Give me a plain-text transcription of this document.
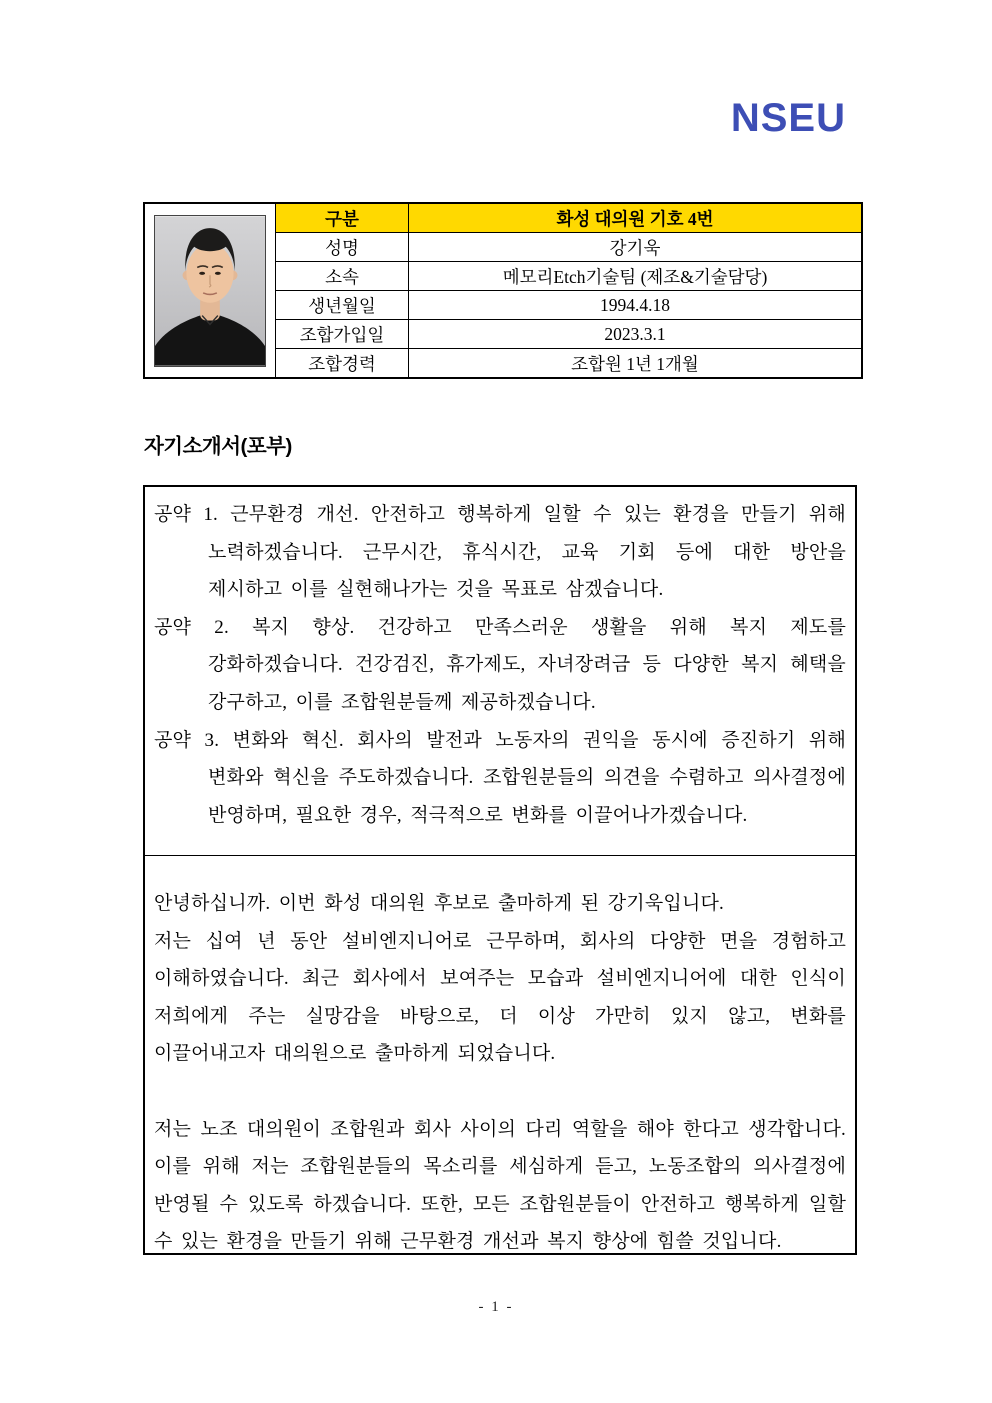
NSEU
	구분	화성 대의원 기호 4번
	성명	강기욱
	소속	메모리Etch기술팀 (제조&기술담당)
	생년월일	1994.4.18
	조합가입일	2023.3.1
	조합경력	조합원 1년 1개월
자기소개서(포부)

공약 1. 근무환경 개선. 안전하고 행복하게 일할 수 있는 환경을 만들기 위해 노력하겠습니다. 근무시간, 휴식시간, 교육 기회 등에 대한 방안을 제시하고 이를 실현해나가는 것을 목표로 삼겠습니다.

공약 2. 복지 향상. 건강하고 만족스러운 생활을 위해 복지 제도를 강화하겠습니다. 건강검진, 휴가제도, 자녀장려금 등 다양한 복지 혜택을 강구하고, 이를 조합원분들께 제공하겠습니다.

공약 3. 변화와 혁신. 회사의 발전과 노동자의 권익을 동시에 증진하기 위해 변화와 혁신을 주도하겠습니다. 조합원분들의 의견을 수렴하고 의사결정에 반영하며, 필요한 경우, 적극적으로 변화를 이끌어나가겠습니다.

안녕하십니까. 이번 화성 대의원 후보로 출마하게 된 강기욱입니다.

저는 십여 년 동안 설비엔지니어로 근무하며, 회사의 다양한 면을 경험하고 이해하였습니다. 최근 회사에서 보여주는 모습과 설비엔지니어에 대한 인식이 저희에게 주는 실망감을 바탕으로, 더 이상 가만히 있지 않고, 변화를 이끌어내고자 대의원으로 출마하게 되었습니다.

저는 노조 대의원이 조합원과 회사 사이의 다리 역할을 해야 한다고 생각합니다. 이를 위해 저는 조합원분들의 목소리를 세심하게 듣고, 노동조합의 의사결정에 반영될 수 있도록 하겠습니다. 또한, 모든 조합원분들이 안전하고 행복하게 일할 수 있는 환경을 만들기 위해 근무환경 개선과 복지 향상에 힘쓸 것입니다.

- 1 -
